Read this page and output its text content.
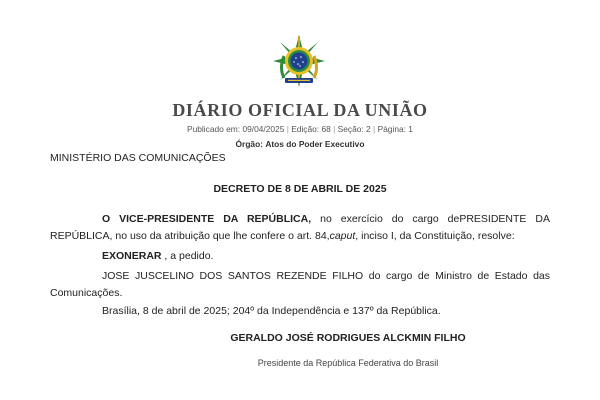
DIÁRIO OFICIAL DA UNIÃO
Publicado em: 09/04/2025 | Edição: 68 | Seção: 2 | Página: 1
Órgão: Atos do Poder Executivo
MINISTÉRIO DAS COMUNICAÇÕES
DECRETO DE 8 DE ABRIL DE 2025
O VICE-PRESIDENTE DA REPÚBLICA, no exercício do cargo dePRESIDENTE DA REPÚBLICA, no uso da atribuição que lhe confere o art. 84,caput, inciso I, da Constituição, resolve:
EXONERAR , a pedido.
JOSE JUSCELINO DOS SANTOS REZENDE FILHO do cargo de Ministro de Estado das Comunicações.
Brasília, 8 de abril de 2025; 204º da Independência e 137º da República.
GERALDO JOSÉ RODRIGUES ALCKMIN FILHO
Presidente da República Federativa do Brasil
